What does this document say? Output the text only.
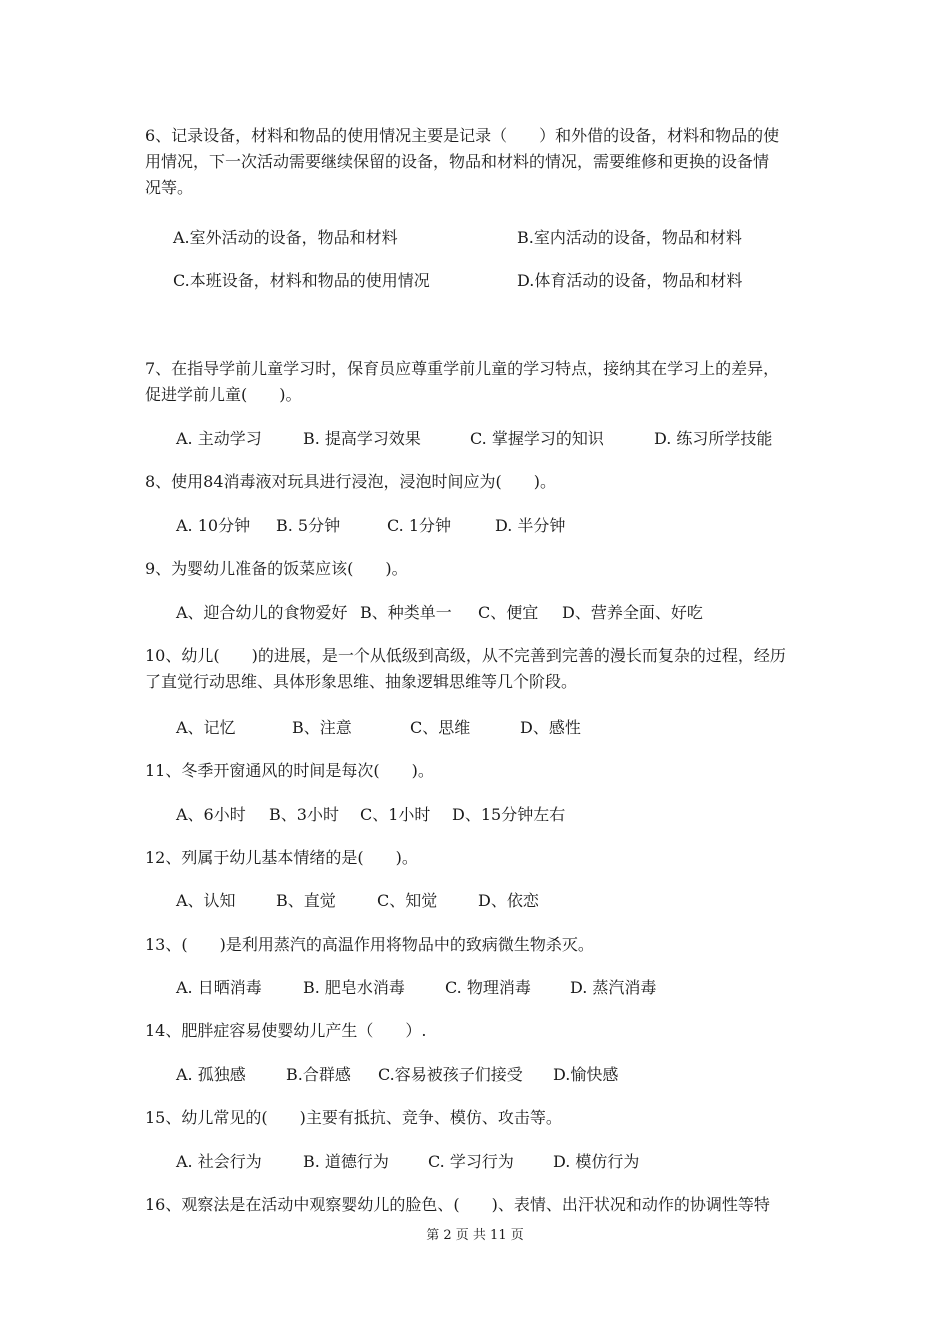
6、记录设备，材料和物品的使用情况主要是记录（　　）和外借的设备，材料和物品的使
用情况，下一次活动需要继续保留的设备，物品和材料的情况，需要维修和更换的设备情
况等。
A.室外活动的设备，物品和材料	B.室内活动的设备，物品和材料
C.本班设备，材料和物品的使用情况	D.体育活动的设备，物品和材料
7、在指导学前儿童学习时，保育员应尊重学前儿童的学习特点，接纳其在学习上的差异，
促进学前儿童(　　)。
A. 主动学习	B. 提高学习效果	C. 掌握学习的知识	D. 练习所学技能
8、使用84消毒液对玩具进行浸泡，浸泡时间应为(　　)。
A. 10分钟 B. 5分钟	C. 1分钟	D. 半分钟
9、为婴幼儿准备的饭菜应该(　　)。
A、迎合幼儿的食物爱好 B、种类单一 C、便宜 D、营养全面、好吃
10、幼儿(　　)的进展，是一个从低级到高级，从不完善到完善的漫长而复杂的过程，经历
了直觉行动思维、具体形象思维、抽象逻辑思维等几个阶段。
A、记忆	B、注意	C、思维	D、感性
11、冬季开窗通风的时间是每次(　　)。
A、6小时 B、3小时 C、1小时 D、15分钟左右
12、列属于幼儿基本情绪的是(　　)。
A、认知	B、直觉	C、知觉	D、依恋
13、(　　)是利用蒸汽的高温作用将物品中的致病微生物杀灭。
A. 日晒消毒	B. 肥皂水消毒	C. 物理消毒 D. 蒸汽消毒
14、肥胖症容易使婴幼儿产生（　　）.
A. 孤独感	B.合群感 C.容易被孩子们接受 D.愉快感
15、幼儿常见的(　　)主要有抵抗、竞争、模仿、攻击等。
A. 社会行为	B. 道德行为 C. 学习行为 D. 模仿行为
16、观察法是在活动中观察婴幼儿的脸色、(　　)、表情、出汗状况和动作的协调性等特
第 2 页 共 11 页
